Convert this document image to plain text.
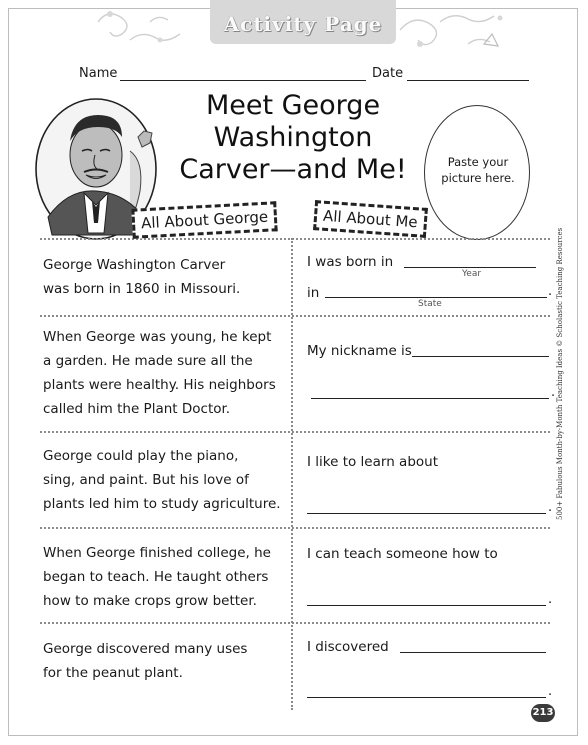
Activity Page
Name	Date
Meet George
Washington
Carver—and Me!	Paste your
picture here.
All About George	All About Me
George Washington Carver
was born in 1860 in Missouri.
I was born in
Year
in	.
State
When George was young, he kept
a garden. He made sure all the
plants were healthy. His neighbors
called him the Plant Doctor.
My nickname is
.
George could play the piano,
sing, and paint. But his love of
plants led him to study agriculture.
I like to learn about
.
When George finished college, he
began to teach. He taught others
how to make crops grow better.
I can teach someone how to
.
George discovered many uses
for the peanut plant.
I discovered
.
500+ Fabulous Month-by-Month Teaching Ideas © Scholastic Teaching Resources
213
